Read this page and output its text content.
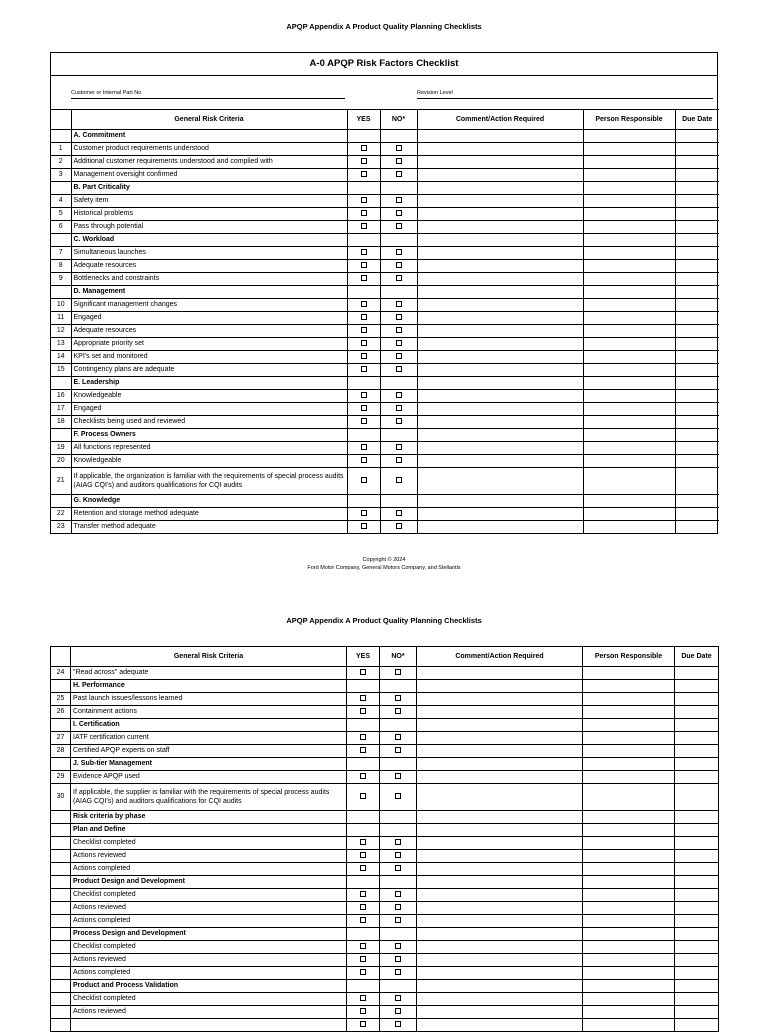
APQP Appendix A Product Quality Planning Checklists
A-0 APQP Risk Factors Checklist
Customer or Internal Part No	Revision Level
	General Risk Criteria	YES	NO*	Comment/Action Required	Person Responsible	Due Date
	A. Commitment					
1	Customer product requirements understood					
2	Additional customer requirements understood and complied with					
3	Management oversight confirmed					
	B. Part Criticality					
4	Safety item					
5	Historical problems					
6	Pass through potential					
	C. Workload					
7	Simultaneous launches					
8	Adequate resources					
9	Bottlenecks and constraints					
	D. Management					
10	Significant management changes					
11	Engaged					
12	Adequate resources					
13	Appropriate priority set					
14	KPI's set and monitored					
15	Contingency plans are adequate					
	E. Leadership					
16	Knowledgeable					
17	Engaged					
18	Checklists being used and reviewed					
	F. Process Owners					
19	All functions represented					
20	Knowledgeable					
21	If applicable, the organization is familiar with the requirements of special process audits (AIAG CQI's) and auditors qualifications for CQI audits					
	G. Knowledge					
22	Retention and storage method adequate					
23	Transfer method adequate					
Copyright © 2024
Ford Motor Company, General Motors Company, and Stellantis
APQP Appendix A Product Quality Planning Checklists
	General Risk Criteria	YES	NO*	Comment/Action Required	Person Responsible	Due Date
24	"Read across" adequate					
	H. Performance					
25	Past launch issues/lessons learned					
26	Containment actions					
	I. Certification					
27	IATF certification current					
28	Certified APQP experts on staff					
	J. Sub-tier Management					
29	Evidence APQP used					
30	If applicable, the supplier is familiar with the requirements of special process audits (AIAG CQI's) and auditors qualifications for CQI audits					
	Risk criteria by phase					
	Plan and Define					
	Checklist completed					
	Actions reviewed					
	Actions completed					
	Product Design and Development					
	Checklist completed					
	Actions reviewed					
	Actions completed					
	Process Design and Development					
	Checklist completed					
	Actions reviewed					
	Actions completed					
	Product and Process Validation					
	Checklist completed					
	Actions reviewed					
